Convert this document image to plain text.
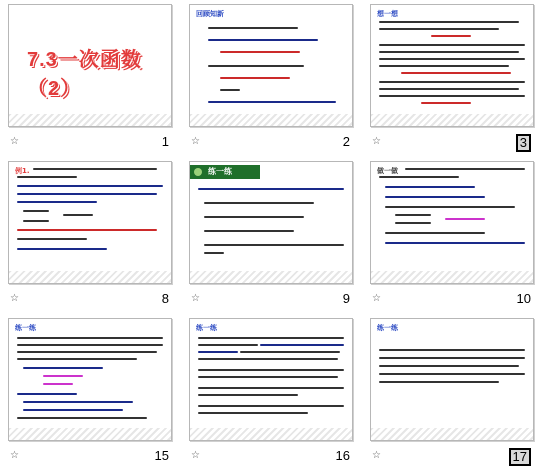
7.3一次函数（2）
☆	1
回顾知新
☆	2
想一想
☆	3
例1.
☆	8
练一练
☆	9
做一做
☆	10
练一练
☆	15
练一练
☆	16
练一练
☆	17
